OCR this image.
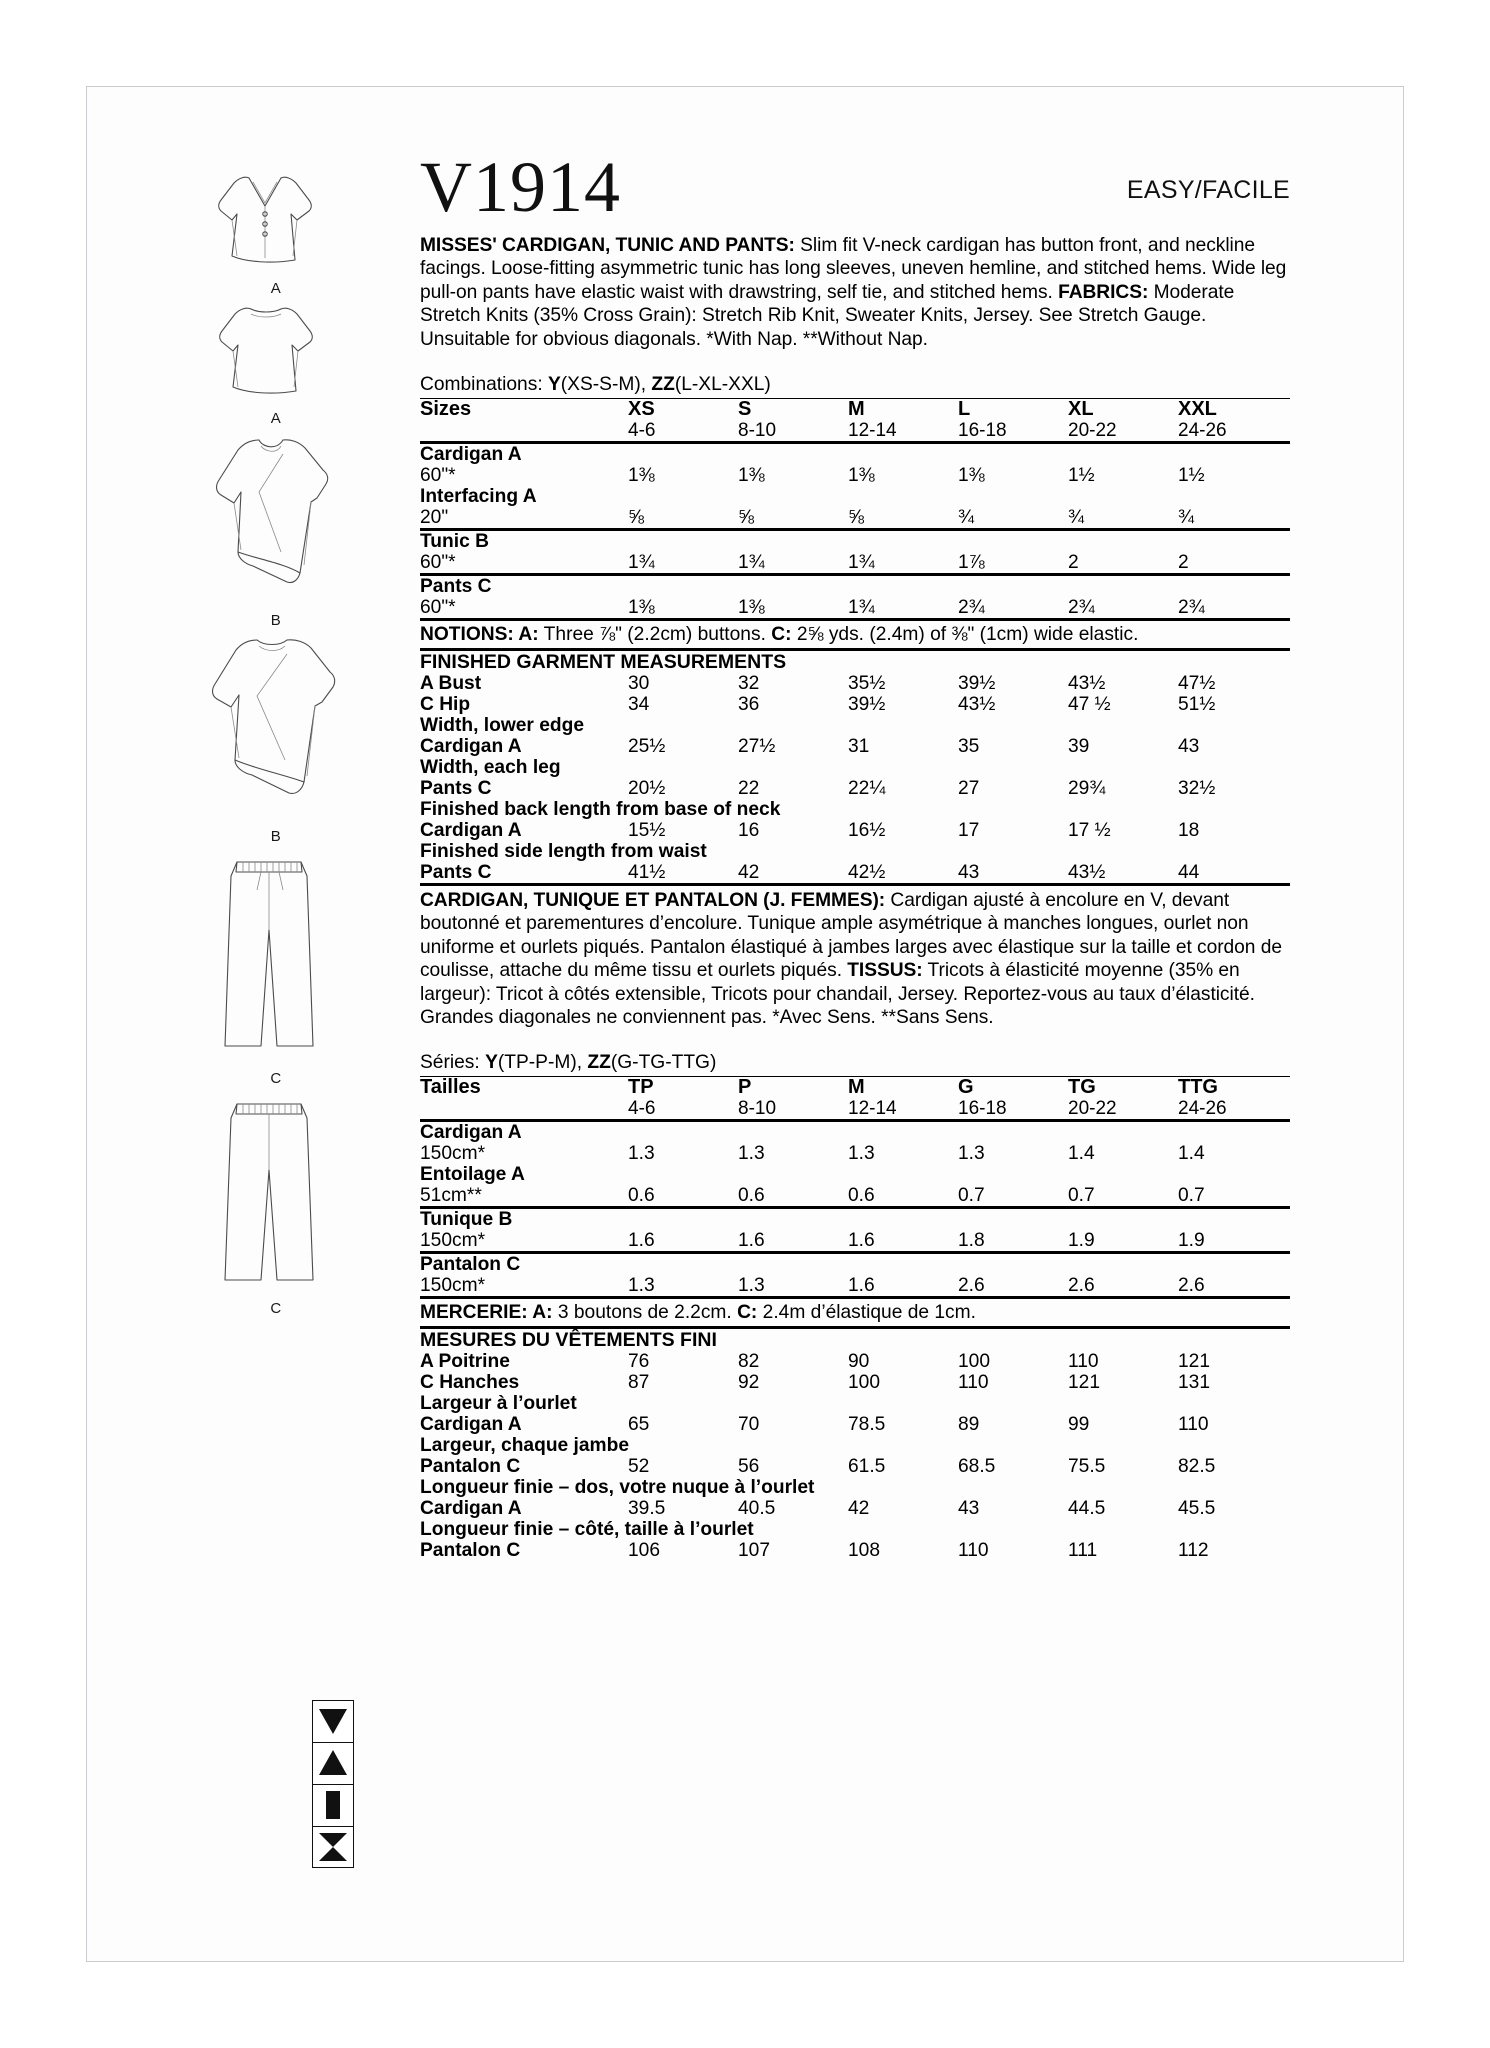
A
A
B
B
C
C
V1914	EASY/FACILE

MISSES' CARDIGAN, TUNIC AND PANTS: Slim fit V-neck cardigan has button front, and neckline facings. Loose-fitting asymmetric tunic has long sleeves, uneven hemline, and stitched hems. Wide leg pull-on pants have elastic waist with drawstring, self tie, and stitched hems. FABRICS: Moderate Stretch Knits (35% Cross Grain): Stretch Rib Knit, Sweater Knits, Jersey. See Stretch Gauge. Unsuitable for obvious diagonals. *With Nap. **Without Nap.

Combinations: Y(XS-S-M), ZZ(L-XL-XXL)

Sizes	XS	S	M	L	XL	XXL
	4-6	8-10	12-14	16-18	20-22	24-26
Cardigan A						
60"*	1⅜	1⅜	1⅜	1⅜	1½	1½
Interfacing A						
20"	⅝	⅝	⅝	¾	¾	¾
Tunic B						
60"*	1¾	1¾	1¾	1⅞	2	2
Pants C						
60"*	1⅜	1⅜	1¾	2¾	2¾	2¾
NOTIONS: A: Three ⅞" (2.2cm) buttons. C: 2⅝ yds. (2.4m) of ⅜" (1cm) wide elastic.
FINISHED GARMENT MEASUREMENTS						
A Bust	30	32	35½	39½	43½	47½
C Hip	34	36	39½	43½	47 ½	51½
Width, lower edge						
Cardigan A	25½	27½	31	35	39	43
Width, each leg						
Pants C	20½	22	22¼	27	29¾	32½
Finished back length from base of neck						
Cardigan A	15½	16	16½	17	17 ½	18
Finished side length from waist						
Pants C	41½	42	42½	43	43½	44

CARDIGAN, TUNIQUE ET PANTALON (J. FEMMES): Cardigan ajusté à encolure en V, devant boutonné et parementures d’encolure. Tunique ample asymétrique à manches longues, ourlet non uniforme et ourlets piqués. Pantalon élastiqué à jambes larges avec élastique sur la taille et cordon de coulisse, attache du même tissu et ourlets piqués. TISSUS: Tricots à élasticité moyenne (35% en largeur): Tricot à côtés extensible, Tricots pour chandail, Jersey. Reportez-vous au taux d’élasticité. Grandes diagonales ne conviennent pas. *Avec Sens. **Sans Sens.

Séries: Y(TP-P-M), ZZ(G-TG-TTG)

Tailles	TP	P	M	G	TG	TTG
	4-6	8-10	12-14	16-18	20-22	24-26
Cardigan A						
150cm*	1.3	1.3	1.3	1.3	1.4	1.4
Entoilage A						
51cm**	0.6	0.6	0.6	0.7	0.7	0.7
Tunique B						
150cm*	1.6	1.6	1.6	1.8	1.9	1.9
Pantalon C						
150cm*	1.3	1.3	1.6	2.6	2.6	2.6
MERCERIE: A: 3 boutons de 2.2cm. C: 2.4m d’élastique de 1cm.
MESURES DU VÊTEMENTS FINI						
A Poitrine	76	82	90	100	110	121
C Hanches	87	92	100	110	121	131
Largeur à l’ourlet						
Cardigan A	65	70	78.5	89	99	110
Largeur, chaque jambe						
Pantalon C	52	56	61.5	68.5	75.5	82.5
Longueur finie – dos, votre nuque à l’ourlet						
Cardigan A	39.5	40.5	42	43	44.5	45.5
Longueur finie – côté, taille à l’ourlet						
Pantalon C	106	107	108	110	111	112
